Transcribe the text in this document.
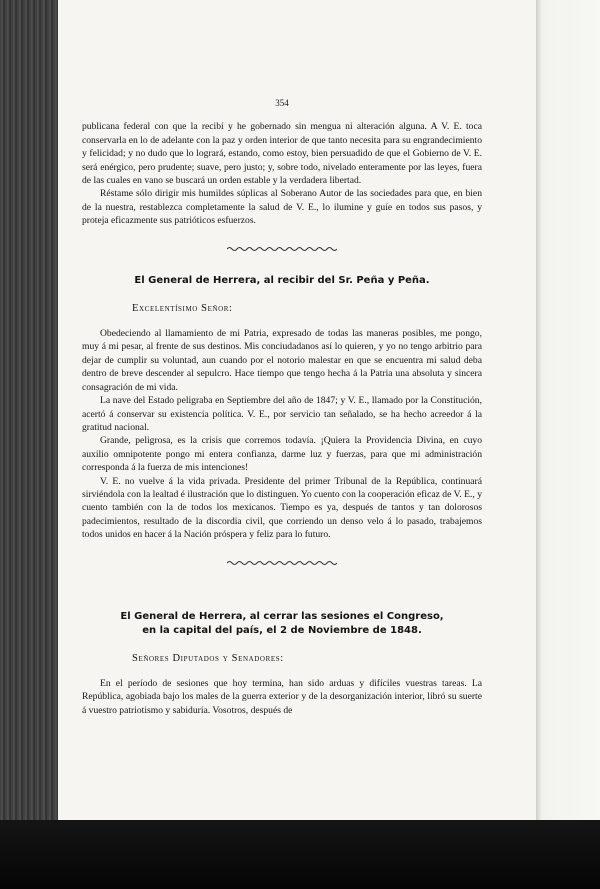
354

publicana federal con que la recibí y he gobernado sin mengua ni alteración alguna. A V. E. toca conservarla en lo de adelante con la paz y orden interior de que tanto necesita para su engrandecimiento y felicidad; y no dudo que lo logrará, estando, como estoy, bien persuadido de que el Gobierno de V. E. será enérgico, pero prudente; suave, pero justo; y, sobre todo, nivelado enteramente por las leyes, fuera de las cuales en vano se buscará un orden estable y la verdadera libertad.

Réstame sólo dirigir mis humildes súplicas al Soberano Autor de las sociedades para que, en bien de la nuestra, restablezca completamente la salud de V. E., lo ilumine y guíe en todos sus pasos, y proteja eficazmente sus patrióticos esfuerzos.

El General de Herrera, al recibir del Sr. Peña y Peña.
Excelentísimo Señor:

Obedeciendo al llamamiento de mi Patria, expresado de todas las maneras posibles, me pongo, muy á mi pesar, al frente de sus destinos. Mis conciudadanos así lo quieren, y yo no tengo arbitrio para dejar de cumplir su voluntad, aun cuando por el notorio malestar en que se encuentra mi salud deba dentro de breve descender al sepulcro. Hace tiempo que tengo hecha á la Patria una absoluta y sincera consagración de mi vida.

La nave del Estado peligraba en Septiembre del año de 1847; y V. E., llamado por la Constitución, acertó á conservar su existencia política. V. E., por servicio tan señalado, se ha hecho acreedor á la gratitud nacional.

Grande, peligrosa, es la crisis que corremos todavía. ¡Quiera la Providencia Divina, en cuyo auxilio omnipotente pongo mi entera confianza, darme luz y fuerzas, para que mi administración corresponda á la fuerza de mis intenciones!

V. E. no vuelve á la vida privada. Presidente del primer Tribunal de la República, continuará sirviéndola con la lealtad é ilustración que lo distinguen. Yo cuento con la cooperación eficaz de V. E., y cuento también con la de todos los mexicanos. Tiempo es ya, después de tantos y tan dolorosos padecimientos, resultado de la discordia civil, que corriendo un denso velo á lo pasado, trabajemos todos unidos en hacer á la Nación próspera y feliz para lo futuro.

El General de Herrera, al cerrar las sesiones el Congreso,
en la capital del país, el 2 de Noviembre de 1848.
Señores Diputados y Senadores:

En el período de sesiones que hoy termina, han sido arduas y difíciles vuestras tareas. La República, agobiada bajo los males de la guerra exterior y de la desorganización interior, libró su suerte á vuestro patriotismo y sabiduría. Vosotros, después de
